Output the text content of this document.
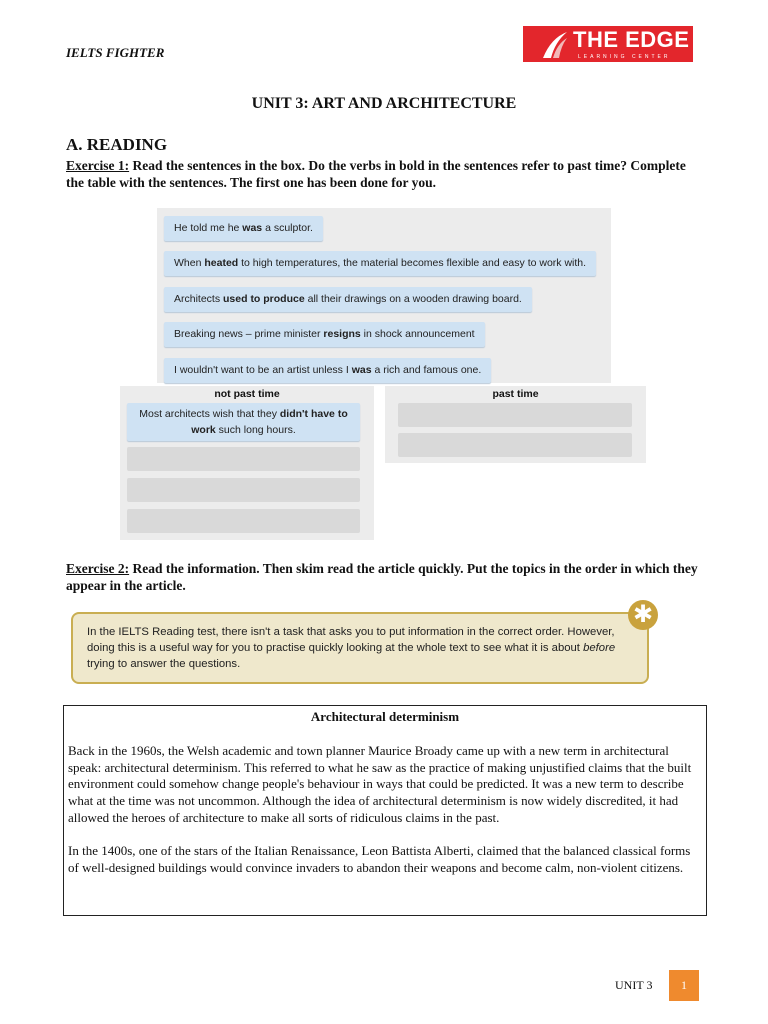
IELTS FIGHTER
THE EDGE
LEARNING CENTER
UNIT 3: ART AND ARCHITECTURE
A. READING
Exercise 1: Read the sentences in the box. Do the verbs in bold in the sentences refer to past time? Complete the table with the sentences. The first one has been done for you.
He told me he was a sculptor.
When heated to high temperatures, the material becomes flexible and easy to work with.
Architects used to produce all their drawings on a wooden drawing board.
Breaking news – prime minister resigns in shock announcement
I wouldn't want to be an artist unless I was a rich and famous one.
not past time	past time
Most architects wish that they didn't have to work such long hours.
Exercise 2: Read the information. Then skim read the article quickly. Put the topics in the order in which they appear in the article.
In the IELTS Reading test, there isn't a task that asks you to put information in the correct order. However, doing this is a useful way for you to practise quickly looking at the whole text to see what it is about before trying to answer the questions.
✱
Architectural determinism

Back in the 1960s, the Welsh academic and town planner Maurice Broady came up with a new term in architectural speak: architectural determinism. This referred to what he saw as the practice of making unjustified claims that the built environment could somehow change people's behaviour in ways that could be predicted. It was a new term to describe what at the time was not uncommon. Although the idea of architectural determinism is now widely discredited, it had allowed the heroes of architecture to make all sorts of ridiculous claims in the past.

In the 1400s, one of the stars of the Italian Renaissance, Leon Battista Alberti, claimed that the balanced classical forms of well-designed buildings would convince invaders to abandon their weapons and become calm, non-violent citizens.

UNIT 3	1
